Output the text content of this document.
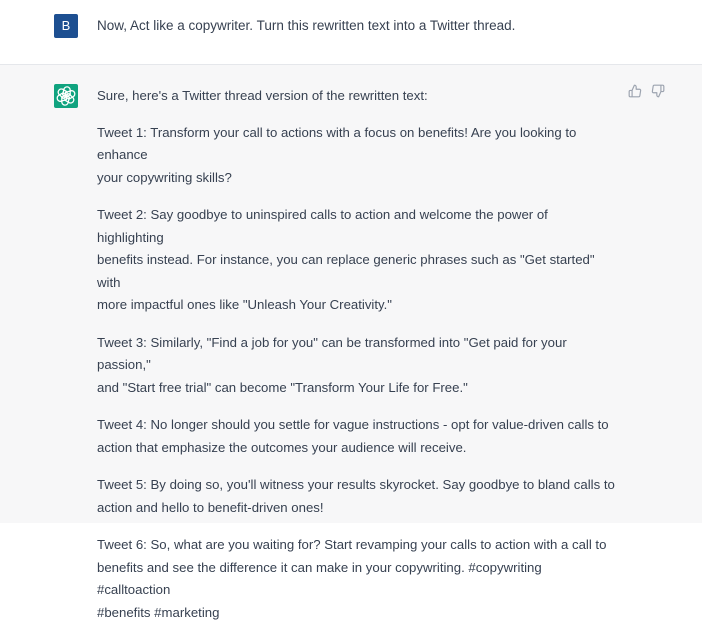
B	Now, Act like a copywriter. Turn this rewritten text into a Twitter thread.

Sure, here's a Twitter thread version of the rewritten text:

Tweet 1: Transform your call to actions with a focus on benefits! Are you looking to enhance
your copywriting skills?

Tweet 2: Say goodbye to uninspired calls to action and welcome the power of highlighting
benefits instead. For instance, you can replace generic phrases such as "Get started" with
more impactful ones like "Unleash Your Creativity."

Tweet 3: Similarly, "Find a job for you" can be transformed into "Get paid for your passion,"
and "Start free trial" can become "Transform Your Life for Free."

Tweet 4: No longer should you settle for vague instructions - opt for value-driven calls to
action that emphasize the outcomes your audience will receive.

Tweet 5: By doing so, you'll witness your results skyrocket. Say goodbye to bland calls to
action and hello to benefit-driven ones!

Tweet 6: So, what are you waiting for? Start revamping your calls to action with a call to
benefits and see the difference it can make in your copywriting. #copywriting #calltoaction
#benefits #marketing
